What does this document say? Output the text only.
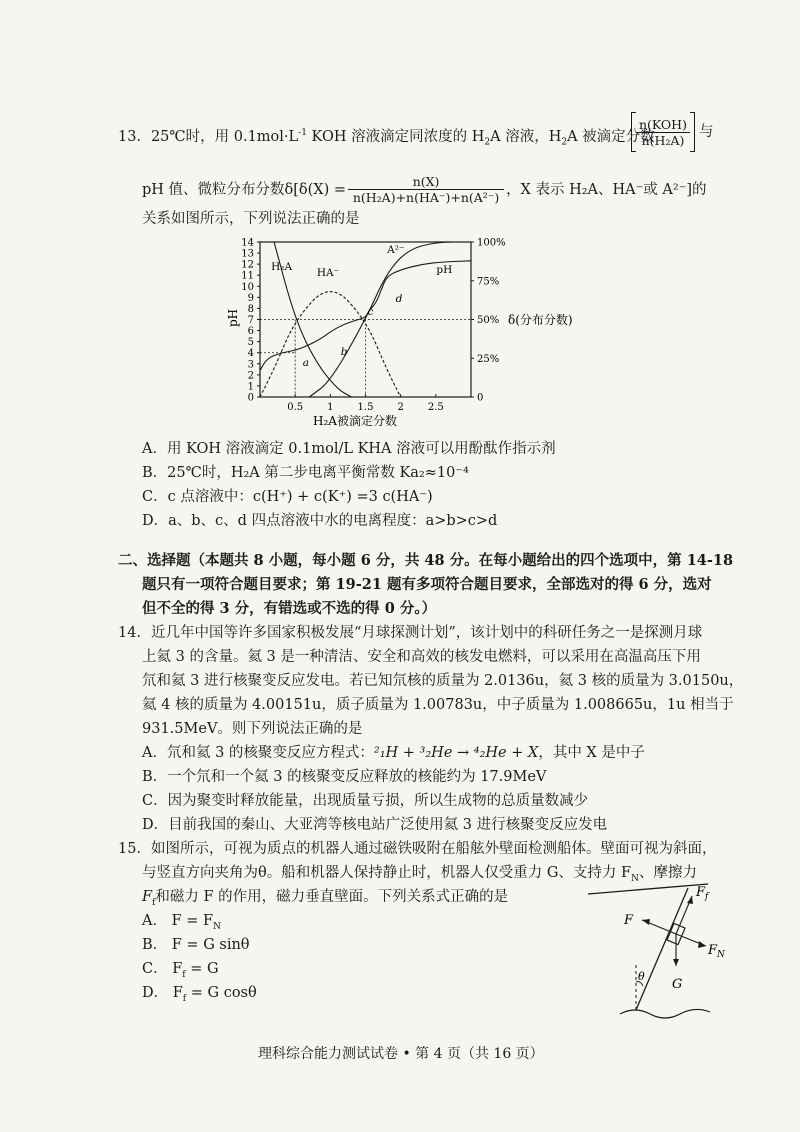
13．25℃时，用 $0.1mol\cdot L^{-1}$ KOH 溶液滴定同浓度的 $H_2A$ 溶液，$H_2A$ 被滴定分数
$\frac{\text{n(KOH)}}{\text{n(H₂A)}}$ 与
pH 值、微粒分布分数$\delta[\delta(X) = \frac{n(X)}{\text{n(H₂A)+n(HA⁻)+n(A²⁻)}}$ ，X 表示 H₂A、HA⁻或 A²⁻]的
关系如图所示，下列说法正确的是
0
1
2
3
4
5
6
7
8
9
10
11
12
13
14
0
25%
50%
75%
100%
0.5 1 1.5 2 2.5
H₂A
HA⁻
A²⁻
pH
a
b
c
d
pH	δ(分布分数)
H₂A被滴定分数
A．用 KOH 溶液滴定 0.1mol/L KHA 溶液可以用酚酞作指示剂
B．25℃时，H₂A 第二步电离平衡常数 Ka₂≈10⁻⁴
C．c 点溶液中：c(H⁺) + c(K⁺) =3 c(HA⁻)
D．a、b、c、d 四点溶液中水的电离程度：a>b>c>d
二、选择题（本题共 8 小题，每小题 6 分，共 48 分。在每小题给出的四个选项中，第 14-18
题只有一项符合题目要求；第 19-21 题有多项符合题目要求，全部选对的得 6 分，选对
但不全的得 3 分，有错选或不选的得 0 分。）
14．近几年中国等许多国家积极发展“月球探测计划”，该计划中的科研任务之一是探测月球
上氦 3 的含量。氦 3 是一种清洁、安全和高效的核发电燃料，可以采用在高温高压下用
氘和氦 3 进行核聚变反应发电。若已知氘核的质量为 2.0136u，氦 3 核的质量为 3.0150u，
氦 4 核的质量为 4.00151u，质子质量为 1.00783u，中子质量为 1.008665u，1u 相当于
931.5MeV。则下列说法正确的是
A．氘和氦 3 的核聚变反应方程式：²₁H + ³₂He → ⁴₂He + X，其中 X 是中子
B．一个氘和一个氦 3 的核聚变反应释放的核能约为 17.9MeV
C．因为聚变时释放能量，出现质量亏损，所以生成物的总质量数减少
D．目前我国的秦山、大亚湾等核电站广泛使用氦 3 进行核聚变反应发电
15．如图所示，可视为质点的机器人通过磁铁吸附在船舷外壁面检测船体。壁面可视为斜面，
与竖直方向夹角为θ。船和机器人保持静止时，机器人仅受重力 G、支持力 $F_N$、摩擦力
$F_f$和磁力 F 的作用，磁力垂直壁面。下列关系式正确的是
A． $F = F_N$
B． F = G sinθ
C． $F_f = G$
D． $F_f = G$ cosθ
$F_f$
F
$F_N$
G
θ
理科综合能力测试试卷 • 第 4 页（共 16 页）
